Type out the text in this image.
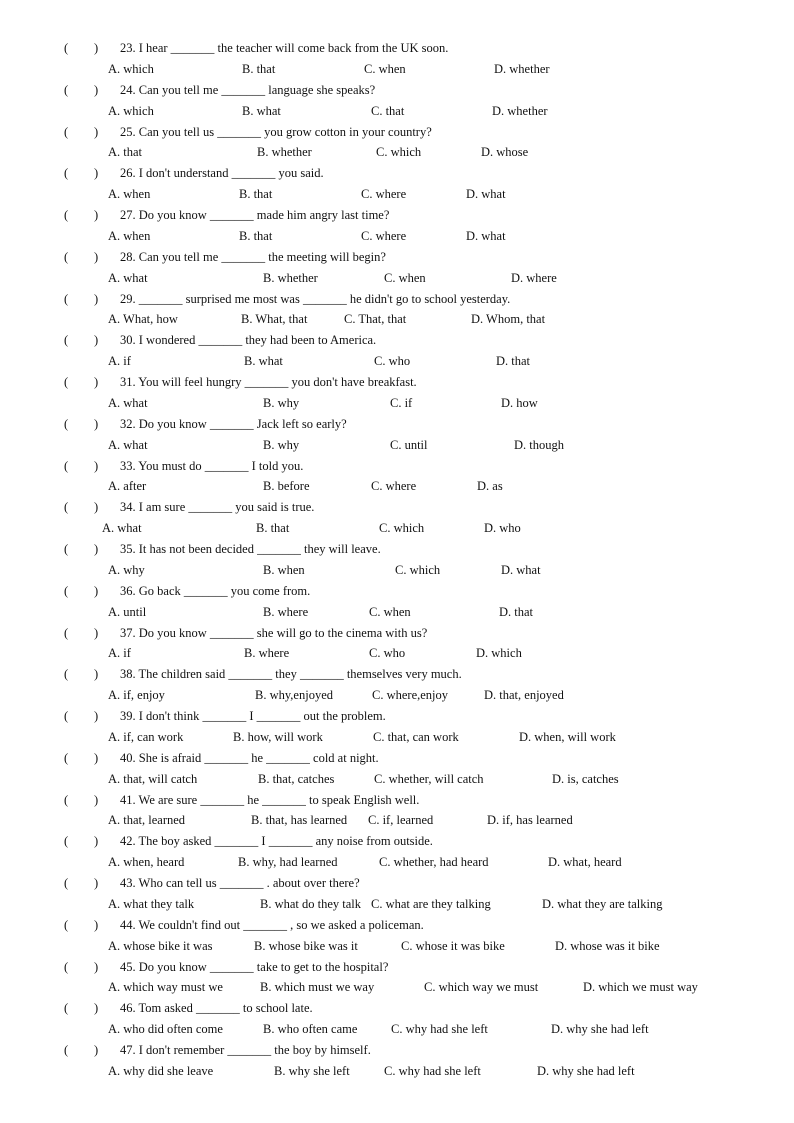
( ) 23. I hear _______ the teacher will come back from the UK soon.
A. which	B. that	C. when	D. whether
( ) 24. Can you tell me _______ language she speaks?
A. which	B. what	C. that	D. whether
( ) 25. Can you tell us _______ you grow cotton in your country?
A. that	B. whether	C. which	D. whose
( ) 26. I don't understand _______ you said.
A. when	B. that	C. where	D. what
( ) 27. Do you know _______ made him angry last time?
A. when	B. that	C. where	D. what
( ) 28. Can you tell me _______ the meeting will begin?
A. what	B. whether	C. when	D. where
( ) 29. _______ surprised me most was _______ he didn't go to school yesterday.
A. What, how	B. What, that	C. That, that	D. Whom, that
( ) 30. I wondered _______ they had been to America.
A. if	B. what	C. who	D. that
( ) 31. You will feel hungry _______ you don't have breakfast.
A. what	B. why	C. if	D. how
( ) 32. Do you know _______ Jack left so early?
A. what	B. why	C. until	D. though
( ) 33. You must do _______ I told you.
A. after	B. before	C. where	D. as
( ) 34. I am sure _______ you said is true.
A. what	B. that	C. which	D. who
( ) 35. It has not been decided _______ they will leave.
A. why	B. when	C. which	D. what
( ) 36. Go back _______ you come from.
A. until	B. where	C. when	D. that
( ) 37. Do you know _______ she will go to the cinema with us?
A. if	B. where	C. who	D. which
( ) 38. The children said _______ they _______ themselves very much.
A. if, enjoy	B. why,enjoyed	C. where,enjoy	D. that, enjoyed
( ) 39. I don't think _______ I _______ out the problem.
A. if, can work	B. how, will work	C. that, can work	D. when, will work
( ) 40. She is afraid _______ he _______ cold at night.
A. that, will catch	B. that, catches	C. whether, will catch	D. is, catches
( ) 41. We are sure _______ he _______ to speak English well.
A. that, learned	B. that, has learned C. if, learned	D. if, has learned
( ) 42. The boy asked _______ I _______ any noise from outside.
A. when, heard	B. why, had learned	C. whether, had heard	D. what, heard
( ) 43. Who can tell us _______ . about over there?
A. what they talk	B. what do they talk C. what are they talking	D. what they are talking
( ) 44. We couldn't find out _______ , so we asked a policeman.
A. whose bike it was	B. whose bike was it	C. whose it was bike	D. whose was it bike
( ) 45. Do you know _______ take to get to the hospital?
A. which way must we	B. which must we way	C. which way we must	D. which we must way
( ) 46. Tom asked _______ to school late.
A. who did often come	B. who often came	C. why had she left	D. why she had left
( ) 47. I don't remember _______ the boy by himself.
A. why did she leave	B. why she left	C. why had she left	D. why she had left
